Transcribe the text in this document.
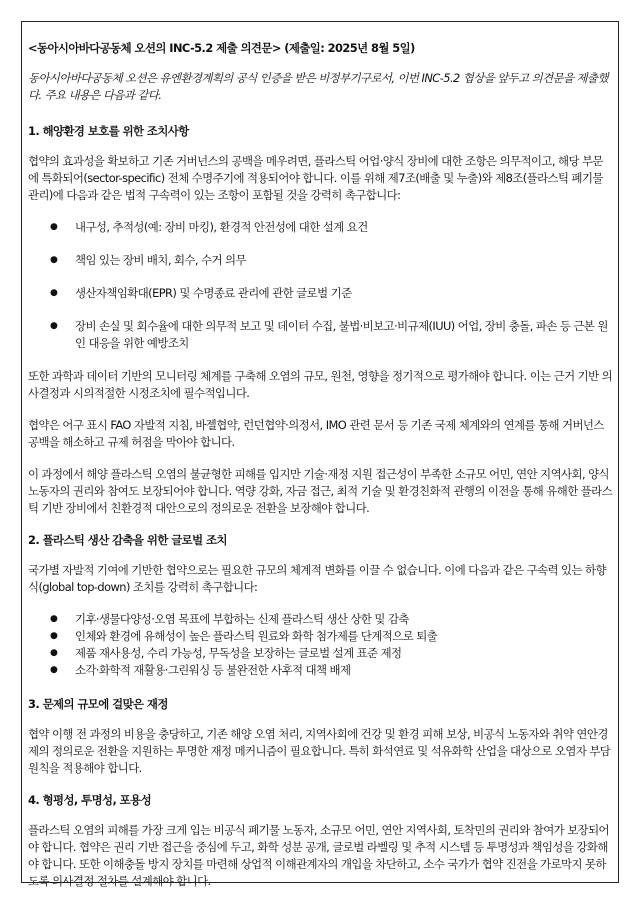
<동아시아바다공동체 오션의 INC-5.2 제출 의견문> (제출일: 2025년 8월 5일)

동아시아바다공동체 오션은 유엔환경계획의 공식 인증을 받은 비정부기구로서, 이번 INC-5.2 협상을 앞두고 의견문을 제출했다. 주요 내용은 다음과 같다.

1. 해양환경 보호를 위한 조치사항

협약의 효과성을 확보하고 기존 거버넌스의 공백을 메우려면, 플라스틱 어업·양식 장비에 대한 조항은 의무적이고, 해당 부문에 특화되어(sector-specific) 전체 수명주기에 적용되어야 합니다. 이를 위해 제7조(배출 및 누출)와 제8조(플라스틱 폐기물 관리)에 다음과 같은 법적 구속력이 있는 조항이 포함될 것을 강력히 촉구합니다:

● 내구성, 추적성(예: 장비 마킹), 환경적 안전성에 대한 설계 요건
● 책임 있는 장비 배치, 회수, 수거 의무
● 생산자책임확대(EPR) 및 수명종료 관리에 관한 글로벌 기준
● 장비 손실 및 회수율에 대한 의무적 보고 및 데이터 수집, 불법·비보고·비규제(IUU) 어업, 장비 충돌, 파손 등 근본 원인 대응을 위한 예방조치

또한 과학과 데이터 기반의 모니터링 체계를 구축해 오염의 규모, 원천, 영향을 정기적으로 평가해야 합니다. 이는 근거 기반 의사결정과 시의적절한 시정조치에 필수적입니다.

협약은 어구 표시 FAO 자발적 지침, 바젤협약, 런던협약·의정서, IMO 관련 문서 등 기존 국제 체계와의 연계를 통해 거버넌스 공백을 해소하고 규제 허점을 막아야 합니다.

이 과정에서 해양 플라스틱 오염의 불균형한 피해를 입지만 기술·재정 지원 접근성이 부족한 소규모 어민, 연안 지역사회, 양식 노동자의 권리와 참여도 보장되어야 합니다. 역량 강화, 자금 접근, 최적 기술 및 환경친화적 관행의 이전을 통해 유해한 플라스틱 기반 장비에서 친환경적 대안으로의 정의로운 전환을 보장해야 합니다.

2. 플라스틱 생산 감축을 위한 글로벌 조치

국가별 자발적 기여에 기반한 협약으로는 필요한 규모의 체계적 변화를 이끌 수 없습니다. 이에 다음과 같은 구속력 있는 하향식(global top-down) 조치를 강력히 촉구합니다:

● 기후·생물다양성·오염 목표에 부합하는 신제 플라스틱 생산 상한 및 감축
● 인체와 환경에 유해성이 높은 플라스틱 원료와 화학 첨가제를 단계적으로 퇴출
● 제품 재사용성, 수리 가능성, 무독성을 보장하는 글로벌 설계 표준 제정
● 소각·화학적 재활용·그린워싱 등 불완전한 사후적 대책 배제
3. 문제의 규모에 걸맞은 재정

협약 이행 전 과정의 비용을 충당하고, 기존 해양 오염 처리, 지역사회에 건강 및 환경 피해 보상, 비공식 노동자와 취약 연안경제의 정의로운 전환을 지원하는 투명한 재정 메커니즘이 필요합니다. 특히 화석연료 및 석유화학 산업을 대상으로 오염자 부담 원칙을 적용해야 합니다.

4. 형평성, 투명성, 포용성

플라스틱 오염의 피해를 가장 크게 입는 비공식 폐기물 노동자, 소규모 어민, 연안 지역사회, 토착민의 권리와 참여가 보장되어야 합니다. 협약은 권리 기반 접근을 중심에 두고, 화학 성분 공개, 글로벌 라벨링 및 추적 시스템 등 투명성과 책임성을 강화해야 합니다. 또한 이해충돌 방지 장치를 마련해 상업적 이해관계자의 개입을 차단하고, 소수 국가가 협약 진전을 가로막지 못하도록 의사결정 절차를 설계해야 합니다.
